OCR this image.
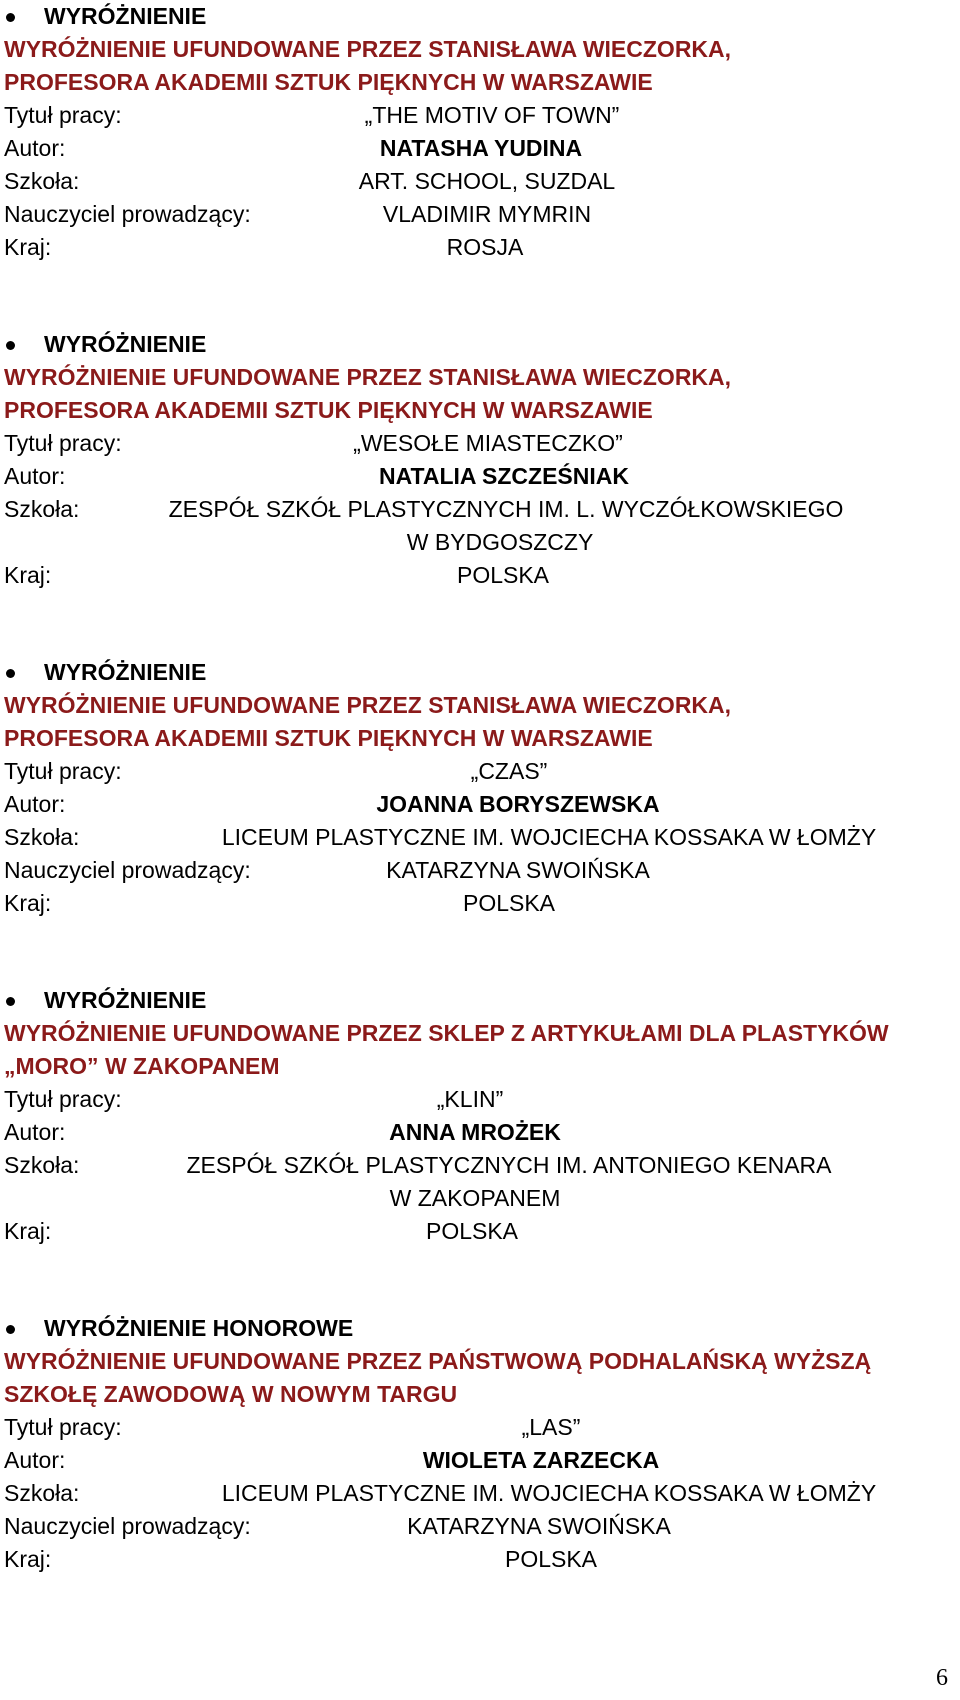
WYRÓŻNIENIE
WYRÓŻNIENIE UFUNDOWANE PRZEZ STANISŁAWA WIECZORKA,
PROFESORA AKADEMII SZTUK PIĘKNYCH W WARSZAWIE
Tytuł pracy:	„THE MOTIV OF TOWN”
Autor:	NATASHA YUDINA
Szkoła:	ART. SCHOOL, SUZDAL
Nauczyciel prowadzący:	VLADIMIR MYMRIN
Kraj:	ROSJA
WYRÓŻNIENIE
WYRÓŻNIENIE UFUNDOWANE PRZEZ STANISŁAWA WIECZORKA,
PROFESORA AKADEMII SZTUK PIĘKNYCH W WARSZAWIE
Tytuł pracy:	„WESOŁE MIASTECZKO”
Autor:	NATALIA SZCZEŚNIAK
Szkoła:	ZESPÓŁ SZKÓŁ PLASTYCZNYCH IM. L. WYCZÓŁKOWSKIEGO
W BYDGOSZCZY
Kraj:	POLSKA
WYRÓŻNIENIE
WYRÓŻNIENIE UFUNDOWANE PRZEZ STANISŁAWA WIECZORKA,
PROFESORA AKADEMII SZTUK PIĘKNYCH W WARSZAWIE
Tytuł pracy:	„CZAS”
Autor:	JOANNA BORYSZEWSKA
Szkoła:	LICEUM PLASTYCZNE IM. WOJCIECHA KOSSAKA W ŁOMŻY
Nauczyciel prowadzący:	KATARZYNA SWOIŃSKA
Kraj:	POLSKA
WYRÓŻNIENIE
WYRÓŻNIENIE UFUNDOWANE PRZEZ SKLEP Z ARTYKUŁAMI DLA PLASTYKÓW
„MORO” W ZAKOPANEM
Tytuł pracy:	„KLIN”
Autor:	ANNA MROŻEK
Szkoła:	ZESPÓŁ SZKÓŁ PLASTYCZNYCH IM. ANTONIEGO KENARA
W ZAKOPANEM
Kraj:	POLSKA
WYRÓŻNIENIE HONOROWE
WYRÓŻNIENIE UFUNDOWANE PRZEZ PAŃSTWOWĄ PODHALAŃSKĄ WYŻSZĄ
SZKOŁĘ ZAWODOWĄ W NOWYM TARGU
Tytuł pracy:	„LAS”
Autor:	WIOLETA ZARZECKA
Szkoła:	LICEUM PLASTYCZNE IM. WOJCIECHA KOSSAKA W ŁOMŻY
Nauczyciel prowadzący:	KATARZYNA SWOIŃSKA
Kraj:	POLSKA
6
